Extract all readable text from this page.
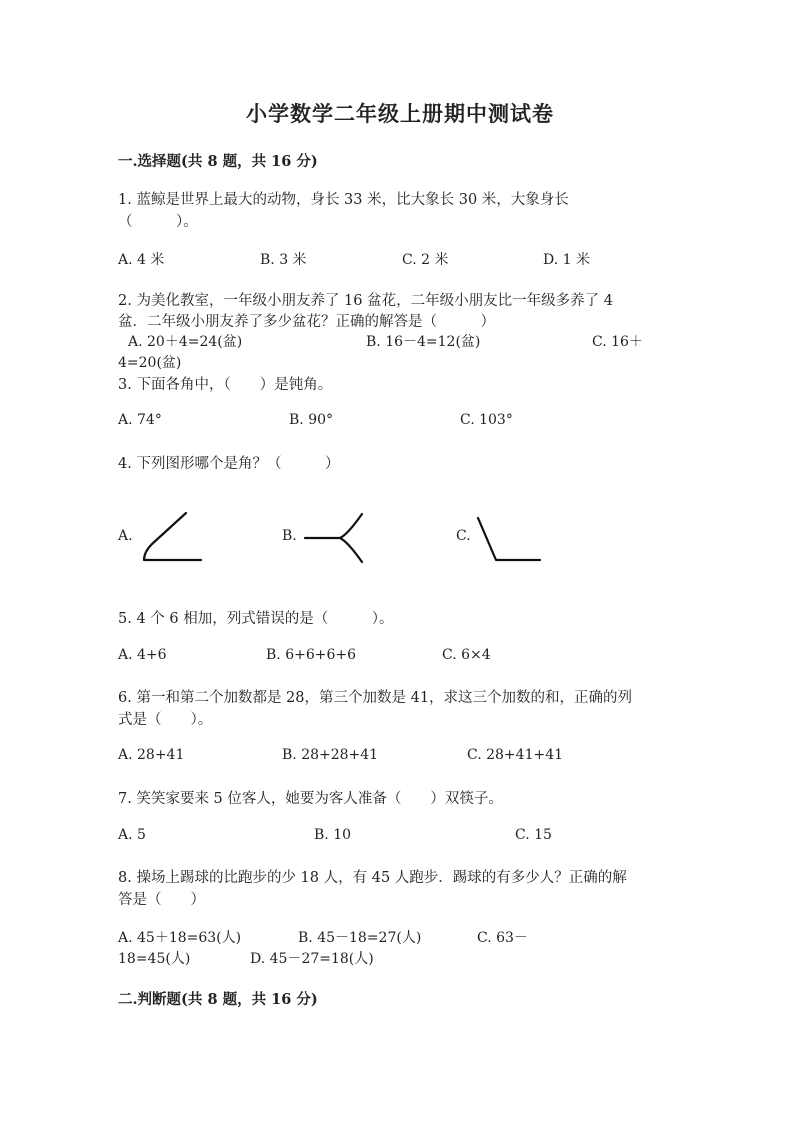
小学数学二年级上册期中测试卷
一.选择题(共 8 题，共 16 分)
1. 蓝鲸是世界上最大的动物，身长 33 米，比大象长 30 米，大象身长
（　　　）。
A. 4 米	B. 3 米	C. 2 米	D. 1 米
2. 为美化教室，一年级小朋友养了 16 盆花，二年级小朋友比一年级多养了 4
盆．二年级小朋友养了多少盆花？正确的解答是（　　　）
A. 20＋4=24(盆)	B. 16－4=12(盆)	C. 16＋
4=20(盆)
3. 下面各角中，（　　）是钝角。
A. 74°	B. 90°	C. 103°
4. 下列图形哪个是角？（　　　）
A.	B.	C.
5. 4 个 6 相加，列式错误的是（　　　）。
A. 4+6	B. 6+6+6+6	C. 6×4
6. 第一和第二个加数都是 28，第三个加数是 41，求这三个加数的和，正确的列
式是（　　）。
A. 28+41	B. 28+28+41	C. 28+41+41
7. 笑笑家要来 5 位客人，她要为客人准备（　　）双筷子。
A. 5	B. 10	C. 15
8. 操场上踢球的比跑步的少 18 人，有 45 人跑步．踢球的有多少人？正确的解
答是（　　）
A. 45＋18=63(人)	B. 45－18=27(人)	C. 63－
18=45(人)	D. 45－27=18(人)
二.判断题(共 8 题，共 16 分)
